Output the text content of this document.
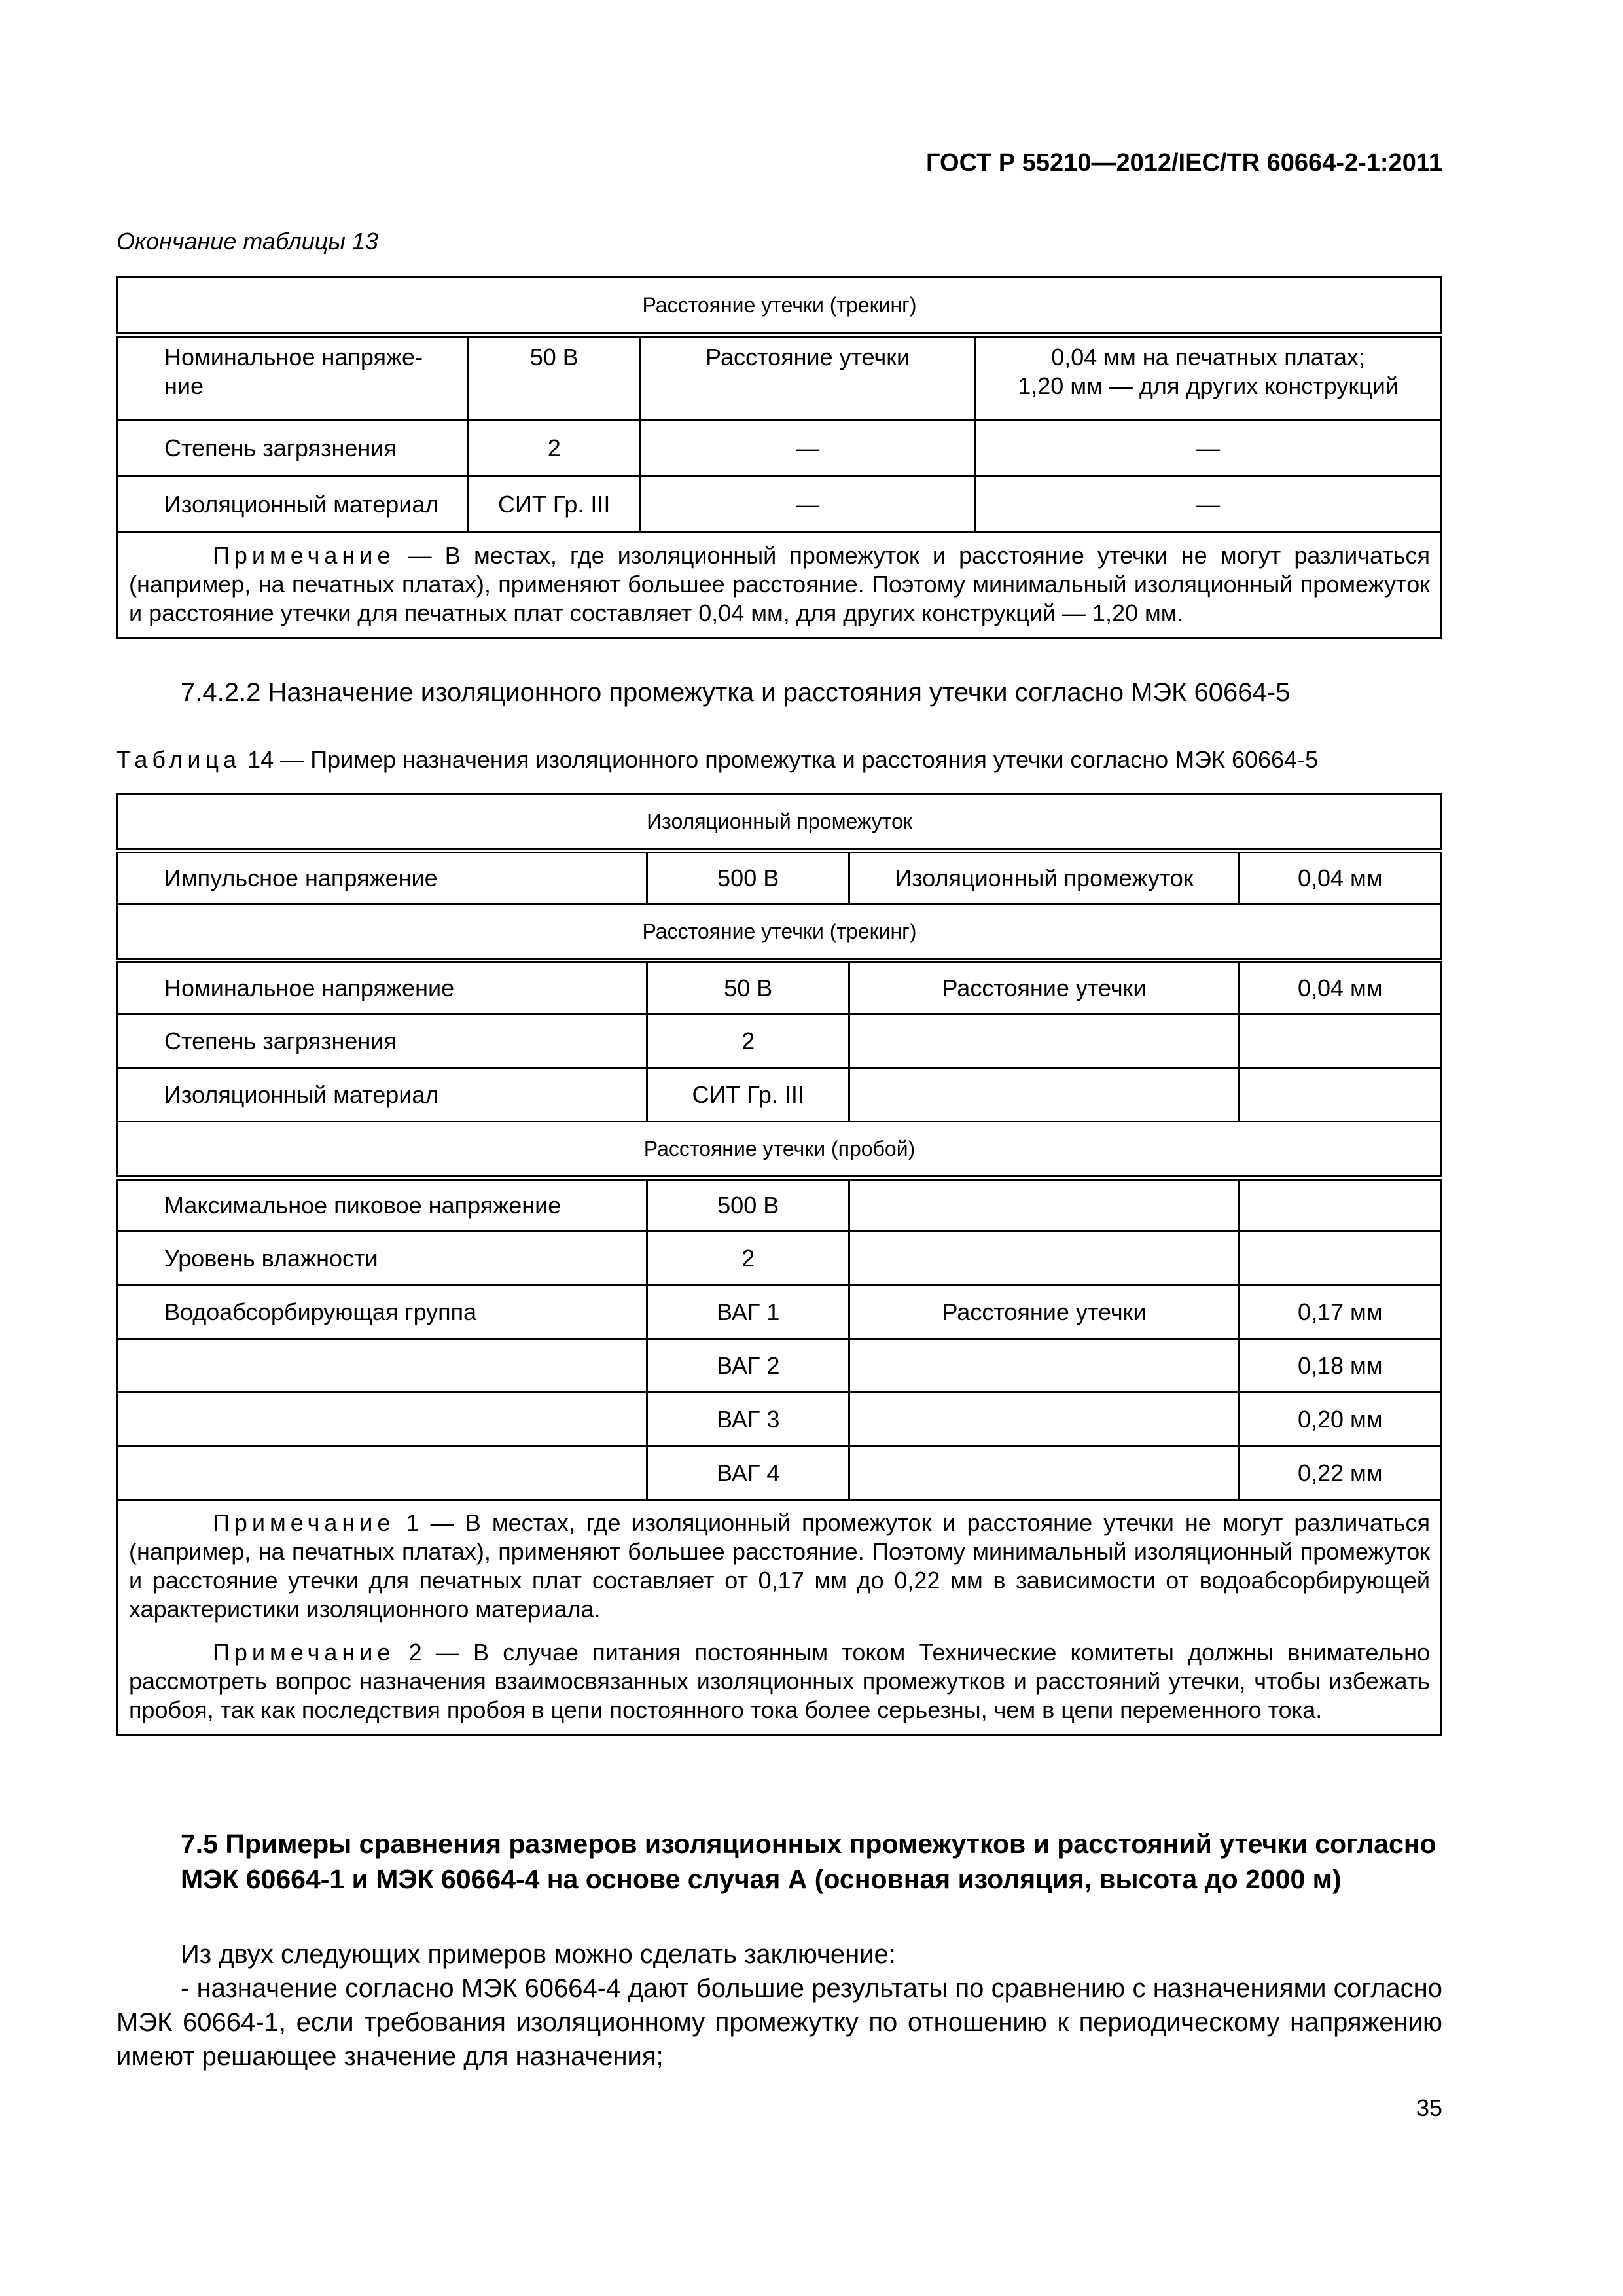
ГОСТ Р 55210—2012/IEC/TR 60664-2-1:2011
Окончание таблицы 13
Расстояние утечки (трекинг)			
Номинальное напряже-ние	50 В	Расстояние утечки	0,04 мм на печатных платах;
1,20 мм — для других конструкций

Степень загрязнения	2	—	—
Изоляционный материал	СИТ Гр. III	—	—

Примечание — В местах, где изоляционный промежуток и расстояние утечки не могут различаться (например, на печатных платах), применяют большее расстояние. Поэтому минимальный изоляционный промежуток и расстояние утечки для печатных плат составляет 0,04 мм, для других конструкций — 1,20 мм.			

7.4.2.2 Назначение изоляционного промежутка и расстояния утечки согласно МЭК 60664-5
Таблица 14 — Пример назначения изоляционного промежутка и расстояния утечки согласно МЭК 60664-5
Изоляционный промежуток			
Импульсное напряжение	500 В	Изоляционный промежуток	0,04 мм
Расстояние утечки (трекинг)			
Номинальное напряжение	50 В	Расстояние утечки	0,04 мм
Степень загрязнения	2		
Изоляционный материал	СИТ Гр. III		
Расстояние утечки (пробой)			
Максимальное пиковое напряжение	500 В		
Уровень влажности	2		
Водоабсорбирующая группа	ВАГ 1	Расстояние утечки	0,17 мм
	ВАГ 2		0,18 мм
	ВАГ 3		0,20 мм
	ВАГ 4		0,22 мм

Примечание 1 — В местах, где изоляционный промежуток и расстояние утечки не могут различаться (например, на печатных платах), применяют большее расстояние. Поэтому минимальный изоляционный промежуток и расстояние утечки для печатных плат составляет от 0,17 мм до 0,22 мм в зависимости от водоабсорбирующей характеристики изоляционного материала.

Примечание 2 — В случае питания постоянным током Технические комитеты должны внимательно рассмотреть вопрос назначения взаимосвязанных изоляционных промежутков и расстояний утечки, чтобы избежать пробоя, так как последствия пробоя в цепи постоянного тока более серьезны, чем в цепи переменного тока.			

7.5 Примеры сравнения размеров изоляционных промежутков и расстояний утечки согласно МЭК 60664-1 и МЭК 60664-4 на основе случая А (основная изоляция, высота до 2000 м)

Из двух следующих примеров можно сделать заключение:

- назначение согласно МЭК 60664-4 дают большие результаты по сравнению с назначениями согласно МЭК 60664-1, если требования изоляционному промежутку по отношению к периодическому напряжению имеют решающее значение для назначения;

35
